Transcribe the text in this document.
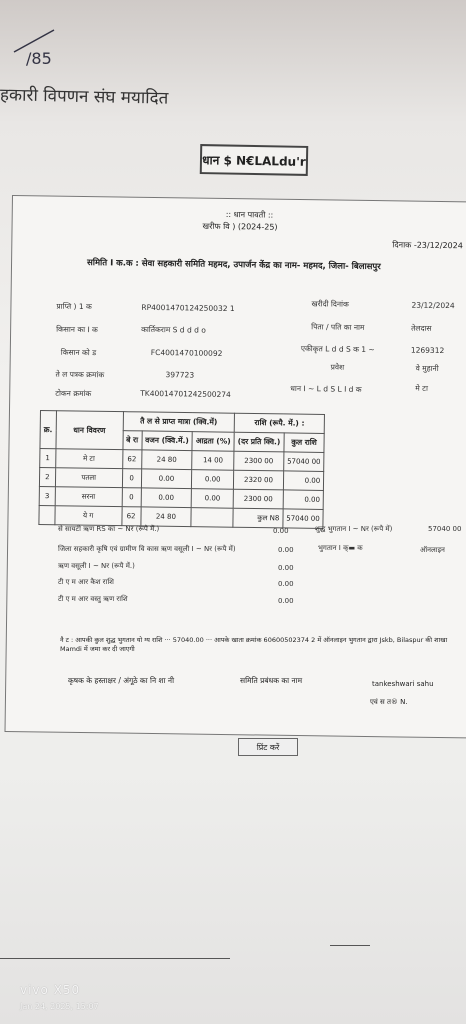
/85
हकारी विपणन संघ मयादित
धान $ N€LALdu'r
:: धान पावती ::
खरीफ वि ) (2024-25)
दिनाक -23/12/2024
समिति I क.क : सेवा सहकारी समिति महमद, उपार्जन केंद्र का नाम- महमद, जिला- बिलासपुर
प्राप्ति ) 1 क	RP4001470124250032 1	खरीदी दिनांक	23/12/2024
किसान का I क	कार्तिकराम S d d d o	पिता / पति का नाम	तेलदास
किसान को ड	FC4001470100092	एकीकृत L d d S क 1 ~	1269312
प्रवेश	वे मुहानी
ते ल पत्रक क्रमांक	397723
टोकन क्रमांक	TK40014701242500274	धान I ~ L d S L I d क	मे टा
क्र.	धान विवरण	तै ल से प्राप्त मात्रा (क्वि.में)			राशि (रूपै. में.) :	
		बे रा	वजन (क्वि.में.)	आद्रता (%)	(दर प्रति क्वि.)	कुल राशि
1	मे टा	62	24 80	14 00	2300 00	57040 00
2	पतला	0	0.00	0.00	2320 00	0.00
3	सरना	0	0.00	0.00	2300 00	0.00
	ये ग	62	24 80		कुल N8	57040 00
से सायटी ऋण RS का ~ Nर (रूपै में.)	0.00	शुद्ध भुगतान I ~ Nर (रूपै में)	57040 00
जिला सहकारी कृषि एवं ग्रामीण वि कास ऋण वसूली I ~ Nर (रूपै में)	0.00	भुगतान I क्▬ क	ऑनलाइन
ऋण वसूली I ~ Nर (रूपै में.)	0.00
टी ए म आर कैश राशि	0.00
टी ए म आर वस्तु ऋण राशि	0.00
नै ट : आपकी कुल शुद्ध भुगतान यो ग्य राशि ··· 57040.00 ··· आपके खाता क्रमांक 60600502374 2 में ऑनलाइन भुगतान द्वारा Jskb, Bilaspur की शाखा Mamdi में जमा कर दी जाएगी
कृषक के हस्ताक्षर / अंगूठे का नि शा नी	समिति प्रबंधक का नाम	tankeshwari sahu
एवं स त® N.
प्रिंट करें
vivo X50
Jan 24, 2025, 15:07
